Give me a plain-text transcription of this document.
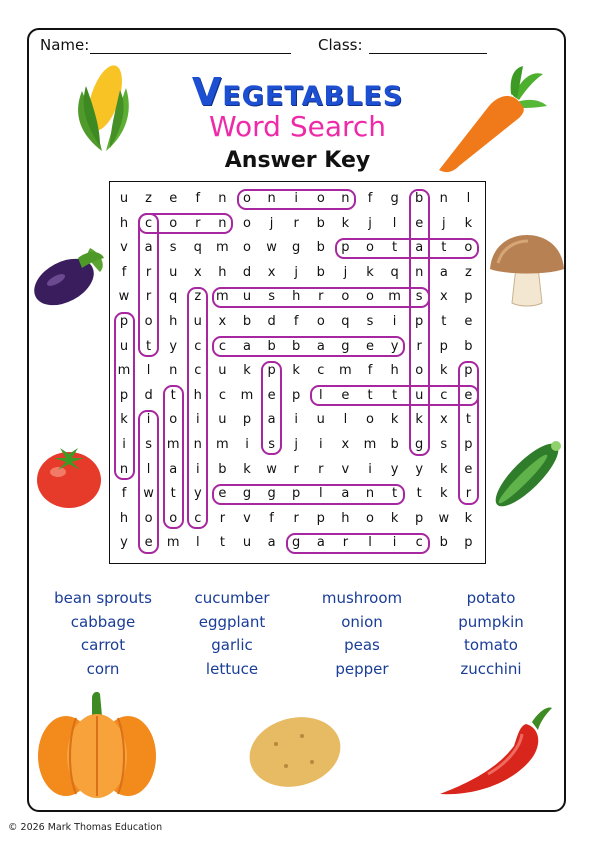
Name:	Class:
Vegetables
Word Search
Answer Key
u	z	e	f	n	o	n	i	o	n	f	g	b	n	l
h	c	o	r	n	o	j	r	b	k	j	l	e	j	k
v	a	s	q	m	o	w	g	b	p	o	t	a	t	o
f	r	u	x	h	d	x	j	b	j	k	q	n	a	z
w	r	q	z	m	u	s	h	r	o	o	m	s	x	p
p	o	h	u	x	b	d	f	o	q	s	i	p	t	e
u	t	y	c	c	a	b	b	a	g	e	y	r	p	b
m	l	n	c	u	k	p	k	c	m	f	h	o	k	p
p	d	t	h	c	m	e	p	l	e	t	t	u	c	e
k	i	o	i	u	p	a	i	u	l	o	k	k	x	t
i	s	m	n	m	i	s	j	i	x	m	b	g	s	p
n	l	a	i	b	k	w	r	r	v	i	y	y	k	e
f	w	t	y	e	g	g	p	l	a	n	t	t	k	r
h	o	o	c	r	v	f	r	p	h	o	k	p	w	k
y	e	m	l	t	u	a	g	a	r	l	i	c	b	p
bean sprouts	cucumber	mushroom	potato
cabbage	eggplant	onion	pumpkin
carrot	garlic	peas	tomato
corn	lettuce	pepper	zucchini
© 2026 Mark Thomas Education
